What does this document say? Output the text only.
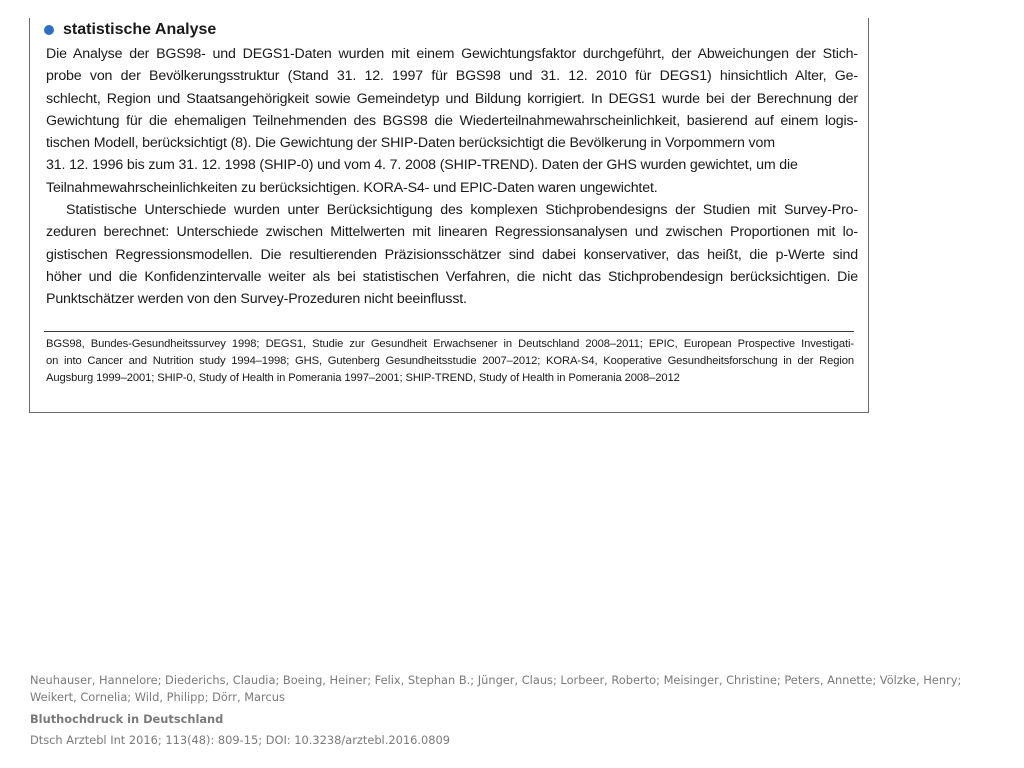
statistische Analyse
Die Analyse der BGS98- und DEGS1-Daten wurden mit einem Gewichtungsfaktor durchgeführt, der Abweichungen der Stich-
probe von der Bevölkerungsstruktur (Stand 31. 12. 1997 für BGS98 und 31. 12. 2010 für DEGS1) hinsichtlich Alter, Ge-
schlecht, Region und Staatsangehörigkeit sowie Gemeindetyp und Bildung korrigiert. In DEGS1 wurde bei der Berechnung der
Gewichtung für die ehemaligen Teilnehmenden des BGS98 die Wiederteilnahmewahrscheinlichkeit, basierend auf einem logis-
tischen Modell, berücksichtigt (8). Die Gewichtung der SHIP-Daten berücksichtigt die Bevölkerung in Vorpommern vom
31. 12. 1996 bis zum 31. 12. 1998 (SHIP-0) und vom 4. 7. 2008 (SHIP-TREND). Daten der GHS wurden gewichtet, um die
Teilnahmewahrscheinlichkeiten zu berücksichtigen. KORA-S4- und EPIC-Daten waren ungewichtet.
Statistische Unterschiede wurden unter Berücksichtigung des komplexen Stichprobendesigns der Studien mit Survey-Pro-
zeduren berechnet: Unterschiede zwischen Mittelwerten mit linearen Regressionsanalysen und zwischen Proportionen mit lo-
gistischen Regressionsmodellen. Die resultierenden Präzisionsschätzer sind dabei konservativer, das heißt, die p-Werte sind
höher und die Konfidenzintervalle weiter als bei statistischen Verfahren, die nicht das Stichprobendesign berücksichtigen. Die
Punktschätzer werden von den Survey-Prozeduren nicht beeinflusst.
BGS98, Bundes-Gesundheitssurvey 1998; DEGS1, Studie zur Gesundheit Erwachsener in Deutschland 2008–2011; EPIC, European Prospective Investigati-
on into Cancer and Nutrition study 1994–1998; GHS, Gutenberg Gesundheitsstudie 2007–2012; KORA-S4, Kooperative Gesundheitsforschung in der Region
Augsburg 1999–2001; SHIP-0, Study of Health in Pomerania 1997–2001; SHIP-TREND, Study of Health in Pomerania 2008–2012
Neuhauser, Hannelore; Diederichs, Claudia; Boeing, Heiner; Felix, Stephan B.; Jünger, Claus; Lorbeer, Roberto; Meisinger, Christine; Peters, Annette; Völzke, Henry; Weikert, Cornelia; Wild, Philipp; Dörr, Marcus
Bluthochdruck in Deutschland
Dtsch Arztebl Int 2016; 113(48): 809-15; DOI: 10.3238/arztebl.2016.0809
